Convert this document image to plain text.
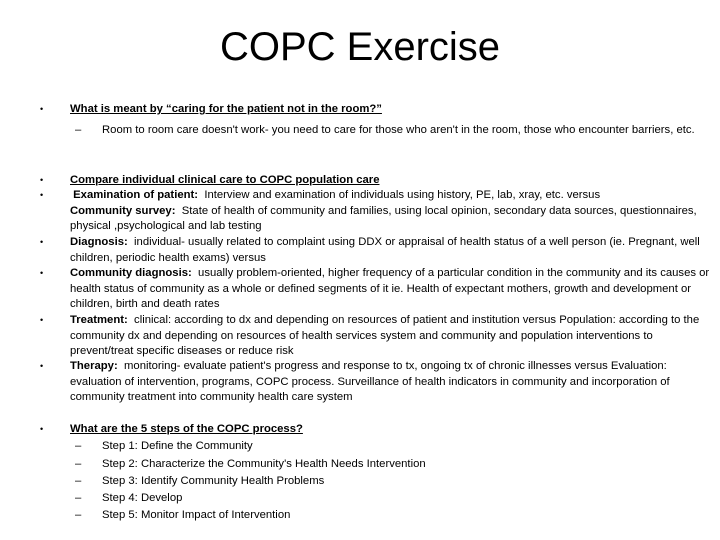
COPC Exercise
• What is meant by “caring for the patient not in the room?”
– Room to room care doesn't work- you need to care for those who aren't in the room, those who encounter barriers, etc.
• Compare individual clinical care to COPC population care
•	Examination of patient: Interview and examination of individuals using history, PE, lab, xray, etc. versus
Community survey: State of health of community and families, using local opinion, secondary data sources, questionnaires, physical ,psychological and lab testing
• Diagnosis: individual- usually related to complaint using DDX or appraisal of health status of a well person (ie. Pregnant, well children, periodic health exams) versus
• Community diagnosis: usually problem-oriented, higher frequency of a particular condition in the community and its causes or health status of community as a whole or defined segments of it ie. Health of expectant mothers, growth and development or children, birth and death rates
• Treatment: clinical: according to dx and depending on resources of patient and institution versus Population: according to the community dx and depending on resources of health services system and community and population interventions to prevent/treat specific diseases or reduce risk
• Therapy: monitoring- evaluate patient's progress and response to tx, ongoing tx of chronic illnesses versus Evaluation: evaluation of intervention, programs, COPC process. Surveillance of health indicators in community and incorporation of community treatment into community health care system
• What are the 5 steps of the COPC process?
– Step 1: Define the Community
– Step 2: Characterize the Community's Health Needs Intervention
– Step 3: Identify Community Health Problems
– Step 4: Develop
– Step 5: Monitor Impact of Intervention
